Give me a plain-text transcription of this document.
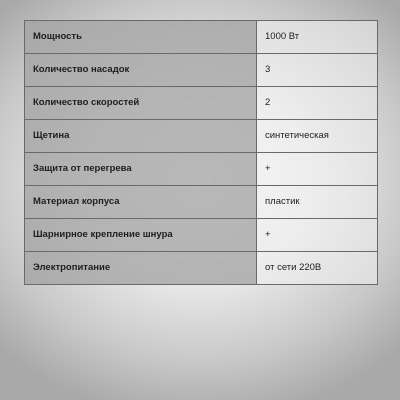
Мощность	1000 Вт
Количество насадок	3
Количество скоростей	2
Щетина	синтетическая
Защита от перегрева	+
Материал корпуса	пластик
Шарнирное крепление шнура	+
Электропитание	от сети 220В
